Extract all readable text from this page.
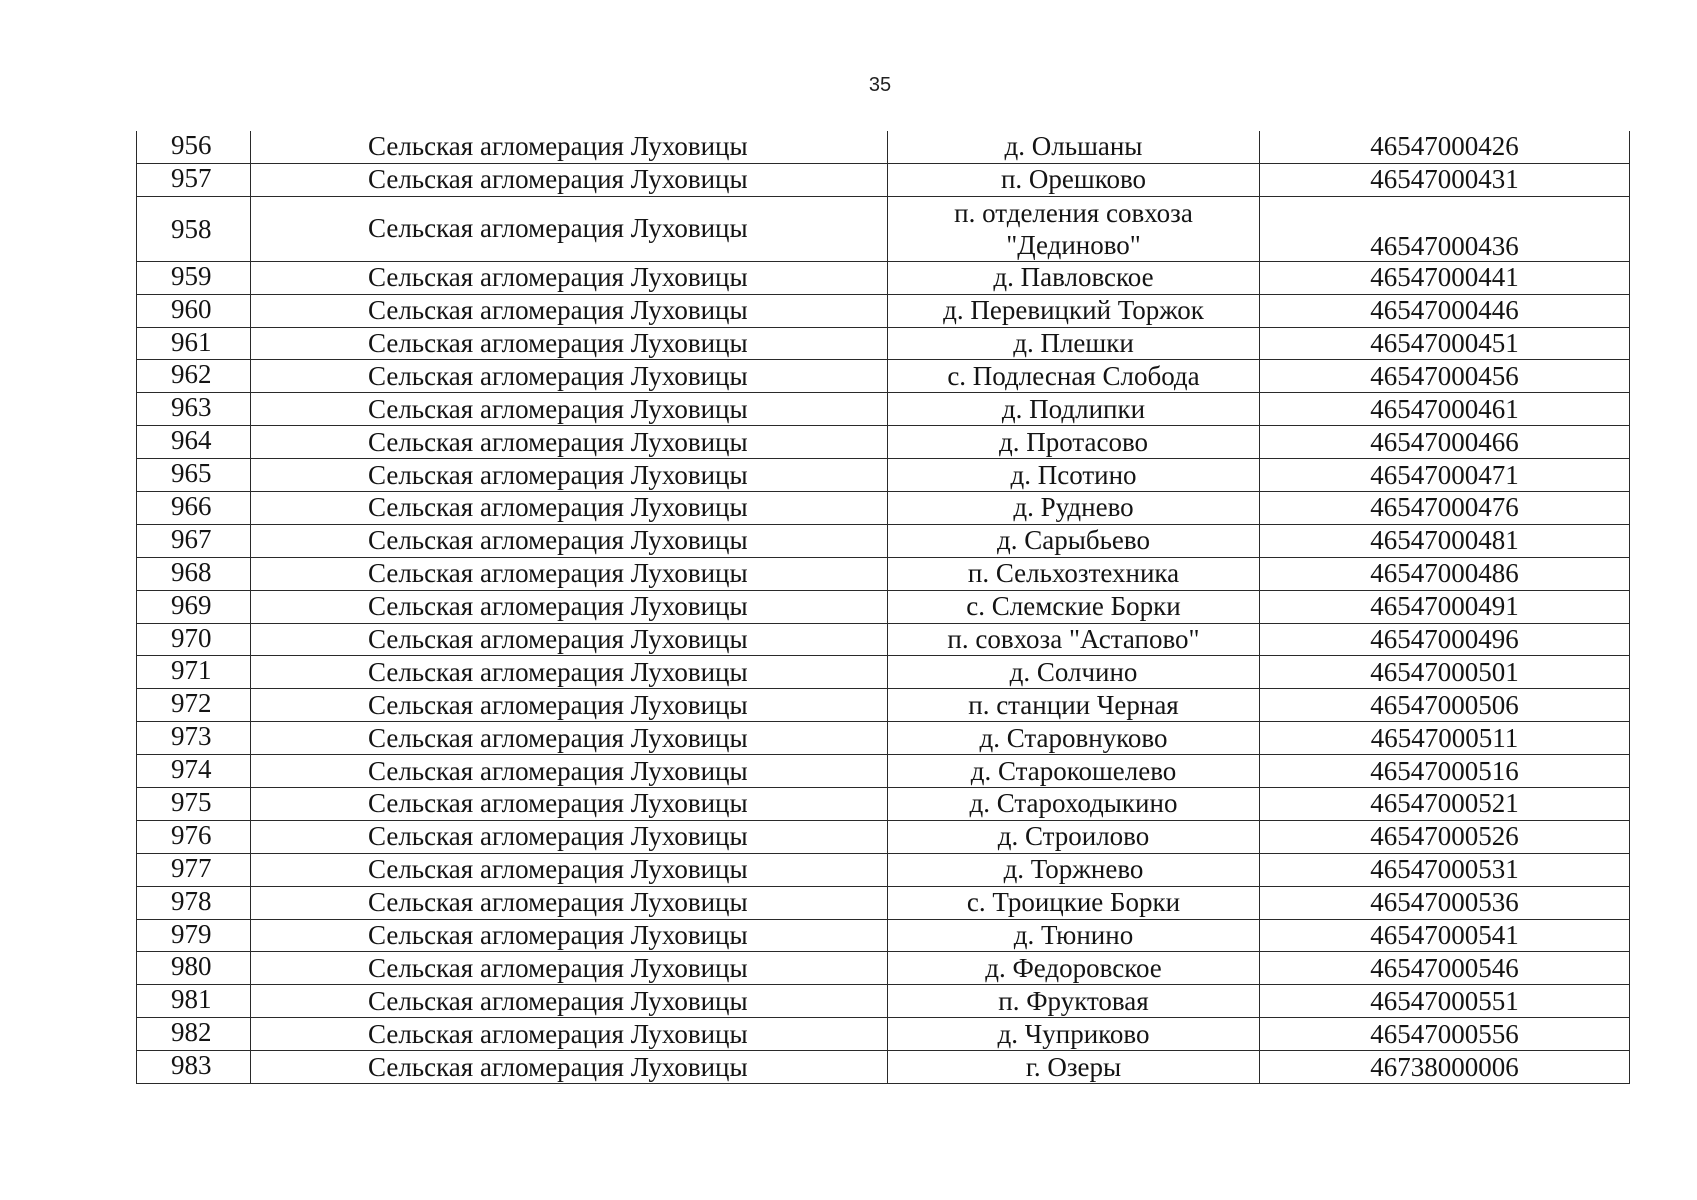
35
956	Сельская агломерация Луховицы	д. Ольшаны	46547000426
957	Сельская агломерация Луховицы	п. Орешково	46547000431
958	Сельская агломерация Луховицы	п. отделения совхоза "Дединово"	46547000436
959	Сельская агломерация Луховицы	д. Павловское	46547000441
960	Сельская агломерация Луховицы	д. Перевицкий Торжок	46547000446
961	Сельская агломерация Луховицы	д. Плешки	46547000451
962	Сельская агломерация Луховицы	с. Подлесная Слобода	46547000456
963	Сельская агломерация Луховицы	д. Подлипки	46547000461
964	Сельская агломерация Луховицы	д. Протасово	46547000466
965	Сельская агломерация Луховицы	д. Псотино	46547000471
966	Сельская агломерация Луховицы	д. Руднево	46547000476
967	Сельская агломерация Луховицы	д. Сарыбьево	46547000481
968	Сельская агломерация Луховицы	п. Сельхозтехника	46547000486
969	Сельская агломерация Луховицы	с. Слемские Борки	46547000491
970	Сельская агломерация Луховицы	п. совхоза "Астапово"	46547000496
971	Сельская агломерация Луховицы	д. Солчино	46547000501
972	Сельская агломерация Луховицы	п. станции Черная	46547000506
973	Сельская агломерация Луховицы	д. Старовнуково	46547000511
974	Сельская агломерация Луховицы	д. Старокошелево	46547000516
975	Сельская агломерация Луховицы	д. Староходыкино	46547000521
976	Сельская агломерация Луховицы	д. Строилово	46547000526
977	Сельская агломерация Луховицы	д. Торжнево	46547000531
978	Сельская агломерация Луховицы	с. Троицкие Борки	46547000536
979	Сельская агломерация Луховицы	д. Тюнино	46547000541
980	Сельская агломерация Луховицы	д. Федоровское	46547000546
981	Сельская агломерация Луховицы	п. Фруктовая	46547000551
982	Сельская агломерация Луховицы	д. Чуприково	46547000556
983	Сельская агломерация Луховицы	г. Озеры	46738000006
